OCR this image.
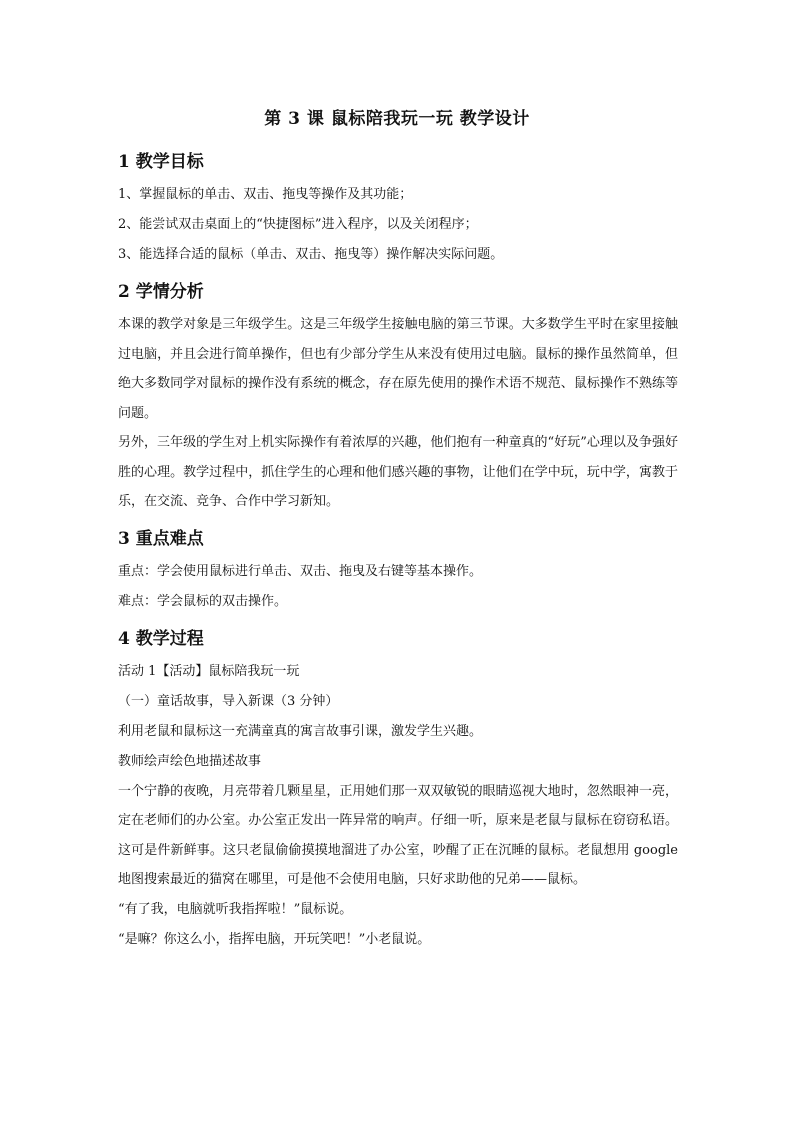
第 3 课 鼠标陪我玩一玩 教学设计
1 教学目标

1、掌握鼠标的单击、双击、拖曳等操作及其功能；

2、能尝试双击桌面上的“快捷图标”进入程序，以及关闭程序；

3、能选择合适的鼠标（单击、双击、拖曳等）操作解决实际问题。

2 学情分析

本课的教学对象是三年级学生。这是三年级学生接触电脑的第三节课。大多数学生平时在家里接触过电脑，并且会进行简单操作，但也有少部分学生从来没有使用过电脑。鼠标的操作虽然简单，但绝大多数同学对鼠标的操作没有系统的概念，存在原先使用的操作术语不规范、鼠标操作不熟练等问题。

另外，三年级的学生对上机实际操作有着浓厚的兴趣，他们抱有一种童真的“好玩”心理以及争强好胜的心理。教学过程中，抓住学生的心理和他们感兴趣的事物，让他们在学中玩，玩中学，寓教于乐，在交流、竞争、合作中学习新知。

3 重点难点

重点：学会使用鼠标进行单击、双击、拖曳及右键等基本操作。

难点：学会鼠标的双击操作。

4 教学过程

活动 1【活动】鼠标陪我玩一玩

（一）童话故事，导入新课（3 分钟）

利用老鼠和鼠标这一充满童真的寓言故事引课，激发学生兴趣。

教师绘声绘色地描述故事

一个宁静的夜晚，月亮带着几颗星星，正用她们那一双双敏锐的眼睛巡视大地时，忽然眼神一亮，定在老师们的办公室。办公室正发出一阵异常的响声。仔细一听，原来是老鼠与鼠标在窃窃私语。这可是件新鲜事。这只老鼠偷偷摸摸地溜进了办公室，吵醒了正在沉睡的鼠标。老鼠想用 google 地图搜索最近的猫窝在哪里，可是他不会使用电脑，只好求助他的兄弟——鼠标。

“有了我，电脑就听我指挥啦！”鼠标说。

“是嘛？你这么小，指挥电脑，开玩笑吧！”小老鼠说。
